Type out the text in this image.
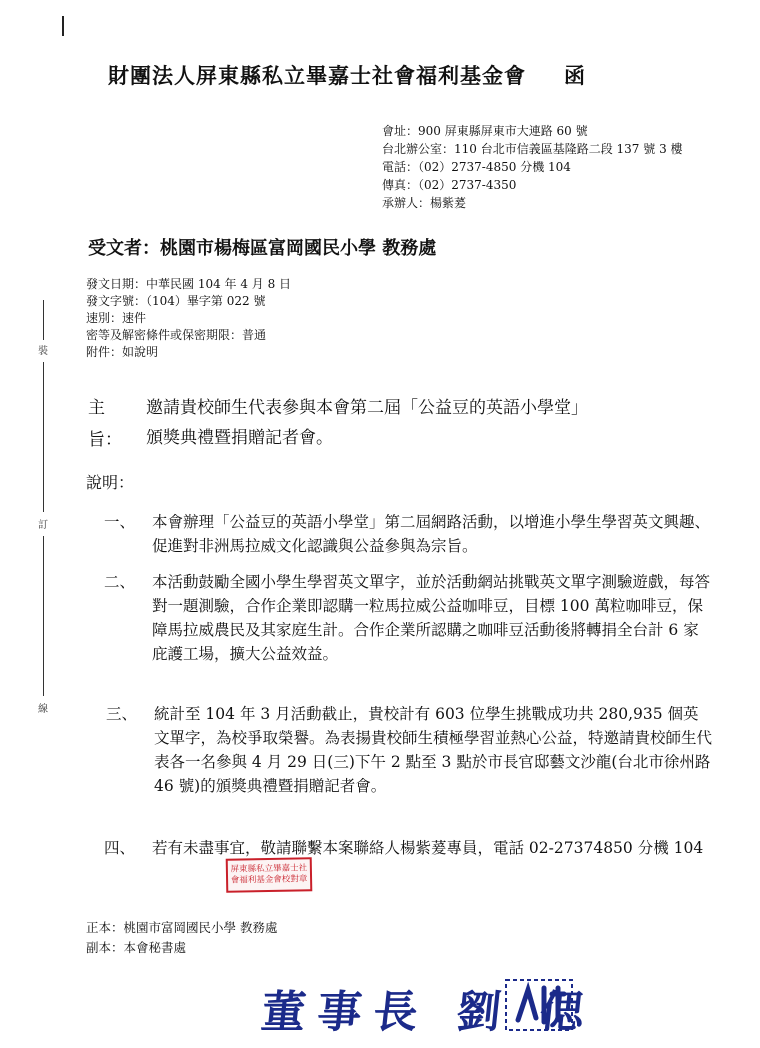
財團法人屏東縣私立畢嘉士社會福利基金會 函
會址：900 屏東縣屏東市大連路 60 號
台北辦公室：110 台北市信義區基隆路二段 137 號 3 樓
電話：（02）2737-4850 分機 104
傳真：（02）2737-4350
承辦人：楊紫萲
受文者：桃園市楊梅區富岡國民小學 教務處
發文日期：中華民國 104 年 4 月 8 日
發文字號：（104）畢字第 022 號
速別：速件
密等及解密條件或保密期限：普通
附件：如說明
主旨：
邀請貴校師生代表參與本會第二屆「公益豆的英語小學堂」
頒獎典禮暨捐贈記者會。
說明：
一、 本會辦理「公益豆的英語小學堂」第二屆網路活動，以增進小學生學習英文興趣、促進對非洲馬拉威文化認識與公益參與為宗旨。
二、 本活動鼓勵全國小學生學習英文單字，並於活動網站挑戰英文單字測驗遊戲，每答對一題測驗，合作企業即認購一粒馬拉威公益咖啡豆，目標 100 萬粒咖啡豆，保障馬拉威農民及其家庭生計。合作企業所認購之咖啡豆活動後將轉捐全台計 6 家庇護工場，擴大公益效益。
三、 統計至 104 年 3 月活動截止，貴校計有 603 位學生挑戰成功共 280,935 個英文單字，為校爭取榮譽。為表揚貴校師生積極學習並熱心公益，特邀請貴校師生代表各一名參與 4 月 29 日(三)下午 2 點至 3 點於市長官邸藝文沙龍(台北市徐州路 46 號)的頒獎典禮暨捐贈記者會。
四、 若有未盡事宜，敬請聯繫本案聯絡人楊紫萲專員，電話 02-27374850 分機 104
屏東縣私立畢嘉士社會福利基金會校對章
正本：桃園市富岡國民小學 教務處
副本：本會秘書處
董事長 劉 偲
裝
訂
線
